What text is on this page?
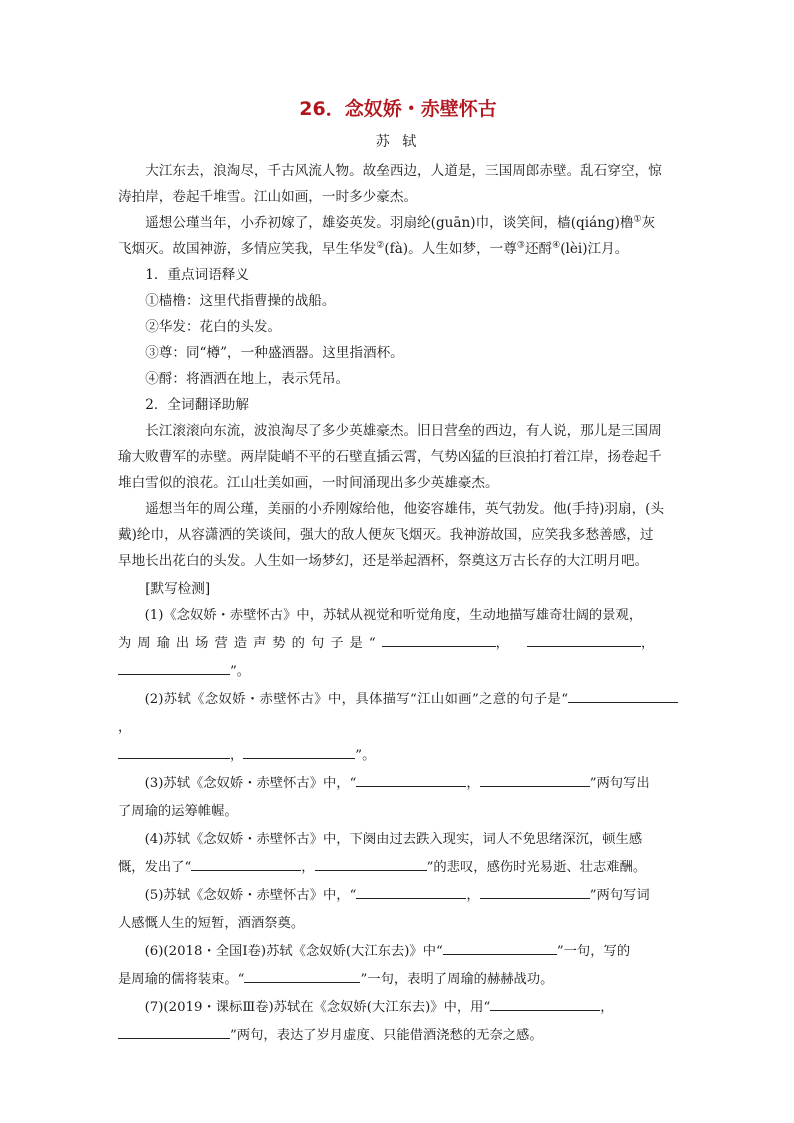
26．念奴娇・赤壁怀古
苏 轼

大江东去，浪淘尽，千古风流人物。故垒西边，人道是，三国周郎赤壁。乱石穿空，惊
涛拍岸，卷起千堆雪。江山如画，一时多少豪杰。

遥想公瑾当年，小乔初嫁了，雄姿英发。羽扇纶(guān)巾，谈笑间，樯(qiánɡ)橹①灰
飞烟灭。故国神游，多情应笑我，早生华发②(fà)。人生如梦，一尊③还酹④(lèi)江月。

1．重点词语释义

①樯橹：这里代指曹操的战船。

②华发：花白的头发。

③尊：同“樽”，一种盛酒器。这里指酒杯。

④酹：将酒洒在地上，表示凭吊。

2．全词翻译助解

长江滚滚向东流，波浪淘尽了多少英雄豪杰。旧日营垒的西边，有人说，那儿是三国周
瑜大败曹军的赤壁。两岸陡峭不平的石壁直插云霄，气势凶猛的巨浪拍打着江岸，扬卷起千
堆白雪似的浪花。江山壮美如画，一时间涌现出多少英雄豪杰。

遥想当年的周公瑾，美丽的小乔刚嫁给他，他姿容雄伟，英气勃发。他(手持)羽扇，(头
戴)纶巾，从容潇洒的笑谈间，强大的敌人便灰飞烟灭。我神游故国，应笑我多愁善感，过
早地长出花白的头发。人生如一场梦幻，还是举起酒杯，祭奠这万古长存的大江明月吧。

[默写检测]

(1)《念奴娇・赤壁怀古》中，苏轼从视觉和听觉角度，生动地描写雄奇壮阔的景观，
为周瑜出场营造声势的句子是“	，	，
”。

(2)苏轼《念奴娇・赤壁怀古》中，具体描写“江山如画”之意的句子是“，
，	”。

(3)苏轼《念奴娇・赤壁怀古》中，“	，	”两句写出
了周瑜的运筹帷幄。

(4)苏轼《念奴娇・赤壁怀古》中，下阕由过去跌入现实，词人不免思绪深沉，顿生感
慨，发出了“	，	”的悲叹，感伤时光易逝、壮志难酬。

(5)苏轼《念奴娇・赤壁怀古》中，“	，	”两句写词
人感慨人生的短暂，酒酒祭奠。

(6)(2018・全国Ⅰ卷)苏轼《念奴娇(大江东去)》中“	”一句，写的
是周瑜的儒将装束。“	”一句，表明了周瑜的赫赫战功。

(7)(2019・课标Ⅲ卷)苏轼在《念奴娇(大江东去)》中，用“	，
”两句，表达了岁月虚度、只能借酒浇愁的无奈之感。
